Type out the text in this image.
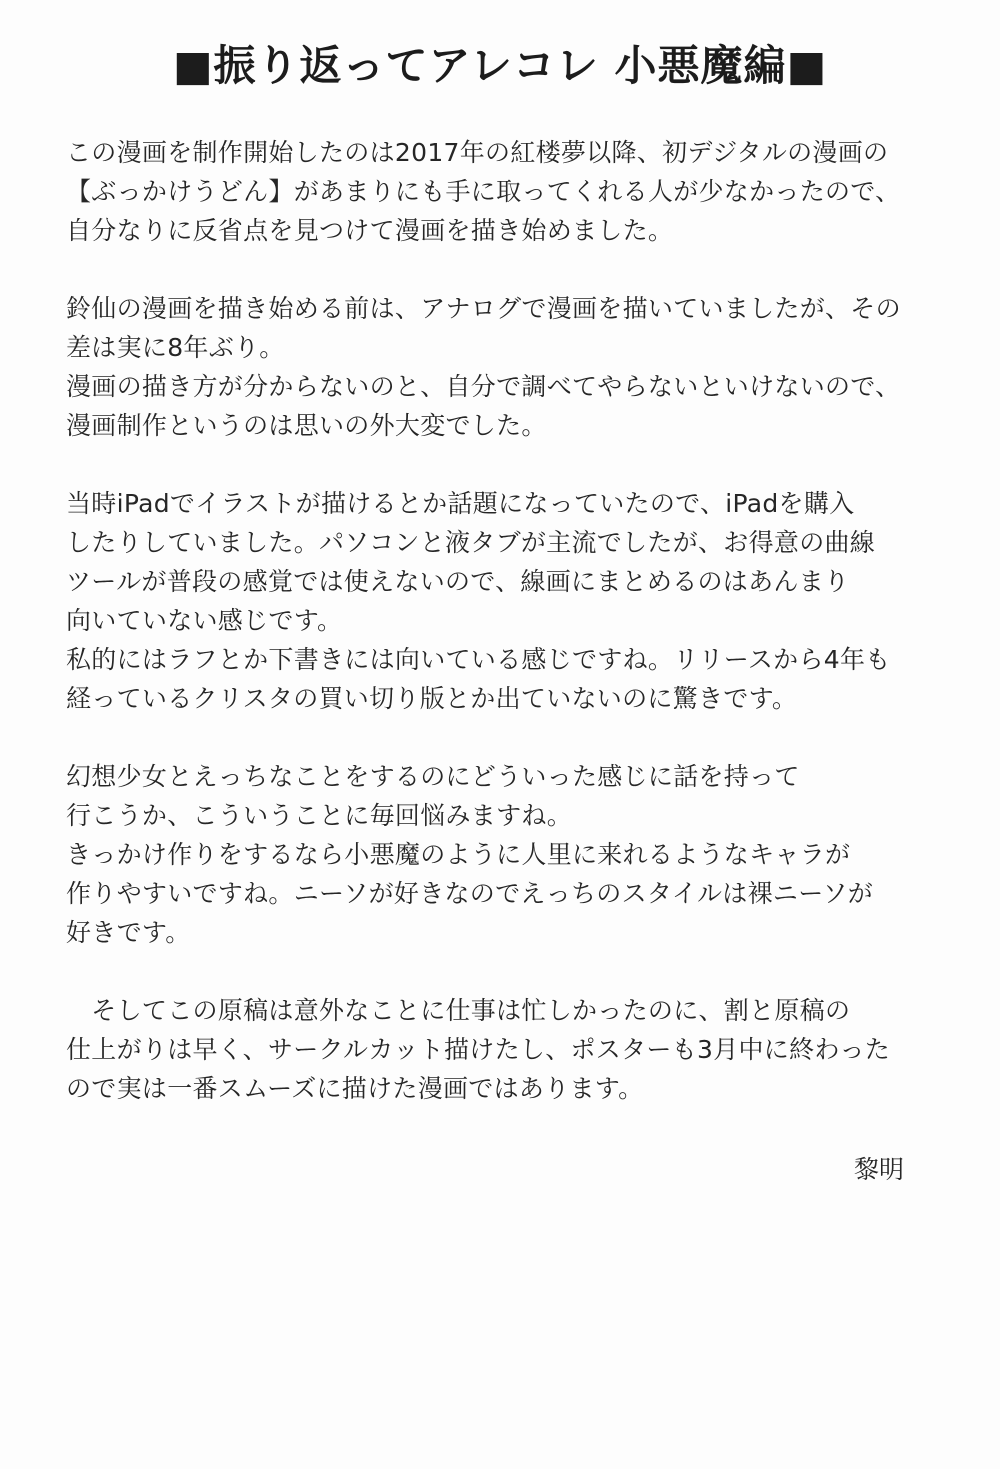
■振り返ってアレコレ 小悪魔編■
この漫画を制作開始したのは2017年の紅楼夢以降、初デジタルの漫画の
【ぶっかけうどん】があまりにも手に取ってくれる人が少なかったので、
自分なりに反省点を見つけて漫画を描き始めました。
鈴仙の漫画を描き始める前は、アナログで漫画を描いていましたが、その
差は実に8年ぶり。
漫画の描き方が分からないのと、自分で調べてやらないといけないので、
漫画制作というのは思いの外大変でした。
当時iPadでイラストが描けるとか話題になっていたので、iPadを購入
したりしていました。パソコンと液タブが主流でしたが、お得意の曲線
ツールが普段の感覚では使えないので、線画にまとめるのはあんまり
向いていない感じです。
私的にはラフとか下書きには向いている感じですね。リリースから4年も
経っているクリスタの買い切り版とか出ていないのに驚きです。
幻想少女とえっちなことをするのにどういった感じに話を持って
行こうか、こういうことに毎回悩みますね。
きっかけ作りをするなら小悪魔のように人里に来れるようなキャラが
作りやすいですね。ニーソが好きなのでえっちのスタイルは裸ニーソが
好きです。
　そしてこの原稿は意外なことに仕事は忙しかったのに、割と原稿の
仕上がりは早く、サークルカット描けたし、ポスターも3月中に終わった
ので実は一番スムーズに描けた漫画ではあります。
黎明
